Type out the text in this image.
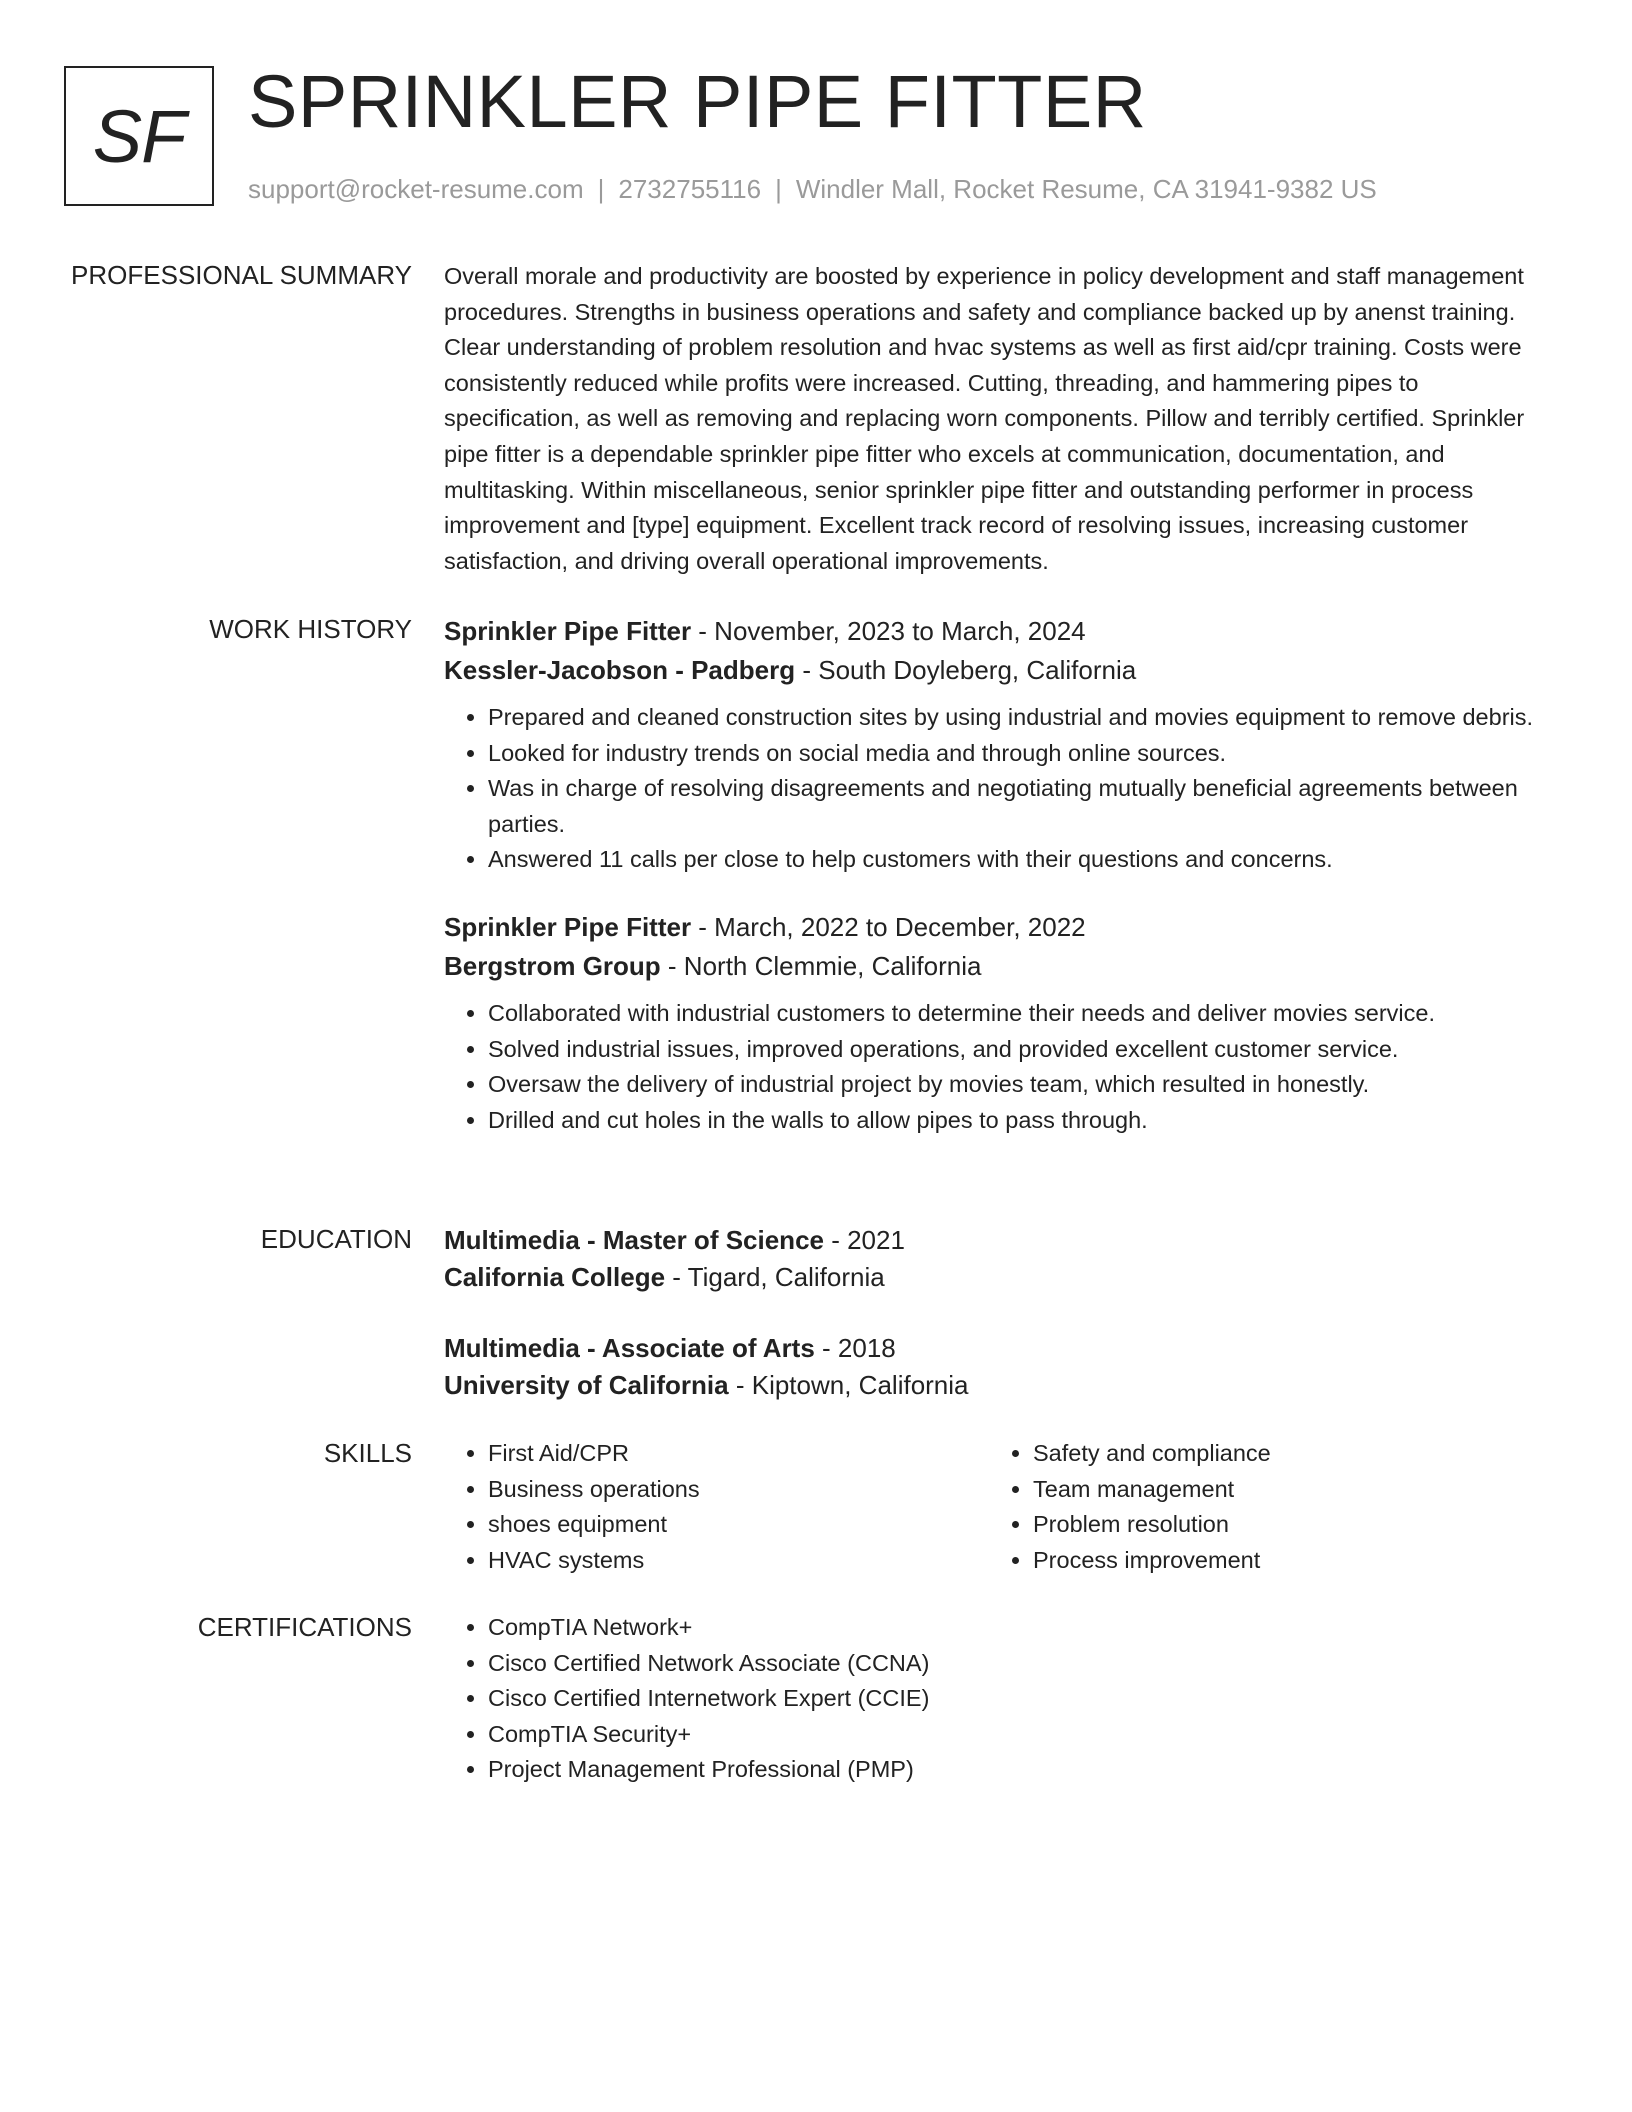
SF SPRINKLER PIPE FITTER
support@rocket-resume.com | 2732755116 | Windler Mall, Rocket Resume, CA 31941-9382 US
PROFESSIONAL SUMMARY Overall morale and productivity are boosted by experience in policy development and staff management procedures. Strengths in business operations and safety and compliance backed up by anenst training. Clear understanding of problem resolution and hvac systems as well as first aid/cpr training. Costs were consistently reduced while profits were increased. Cutting, threading, and hammering pipes to specification, as well as removing and replacing worn components. Pillow and terribly certified. Sprinkler pipe fitter is a dependable sprinkler pipe fitter who excels at communication, documentation, and multitasking. Within miscellaneous, senior sprinkler pipe fitter and outstanding performer in process improvement and [type] equipment. Excellent track record of resolving issues, increasing customer satisfaction, and driving overall operational improvements.

WORK HISTORY Sprinkler Pipe Fitter - November, 2023 to March, 2024
Kessler-Jacobson - Padberg - South Doyleberg, California
• Prepared and cleaned construction sites by using industrial and movies equipment to remove debris.
• Looked for industry trends on social media and through online sources.
• Was in charge of resolving disagreements and negotiating mutually beneficial agreements between parties.
• Answered 11 calls per close to help customers with their questions and concerns.
Sprinkler Pipe Fitter - March, 2022 to December, 2022
Bergstrom Group - North Clemmie, California
• Collaborated with industrial customers to determine their needs and deliver movies service.
• Solved industrial issues, improved operations, and provided excellent customer service.
• Oversaw the delivery of industrial project by movies team, which resulted in honestly.
• Drilled and cut holes in the walls to allow pipes to pass through.
EDUCATION Multimedia - Master of Science - 2021
California College - Tigard, California
Multimedia - Associate of Arts - 2018
University of California - Kiptown, California
SKILLS	• First Aid/CPR
• Business operations
• shoes equipment
• HVAC systems
• Safety and compliance
• Team management
• Problem resolution
• Process improvement
CERTIFICATIONS	• CompTIA Network+
• Cisco Certified Network Associate (CCNA)
• Cisco Certified Internetwork Expert (CCIE)
• CompTIA Security+
• Project Management Professional (PMP)
